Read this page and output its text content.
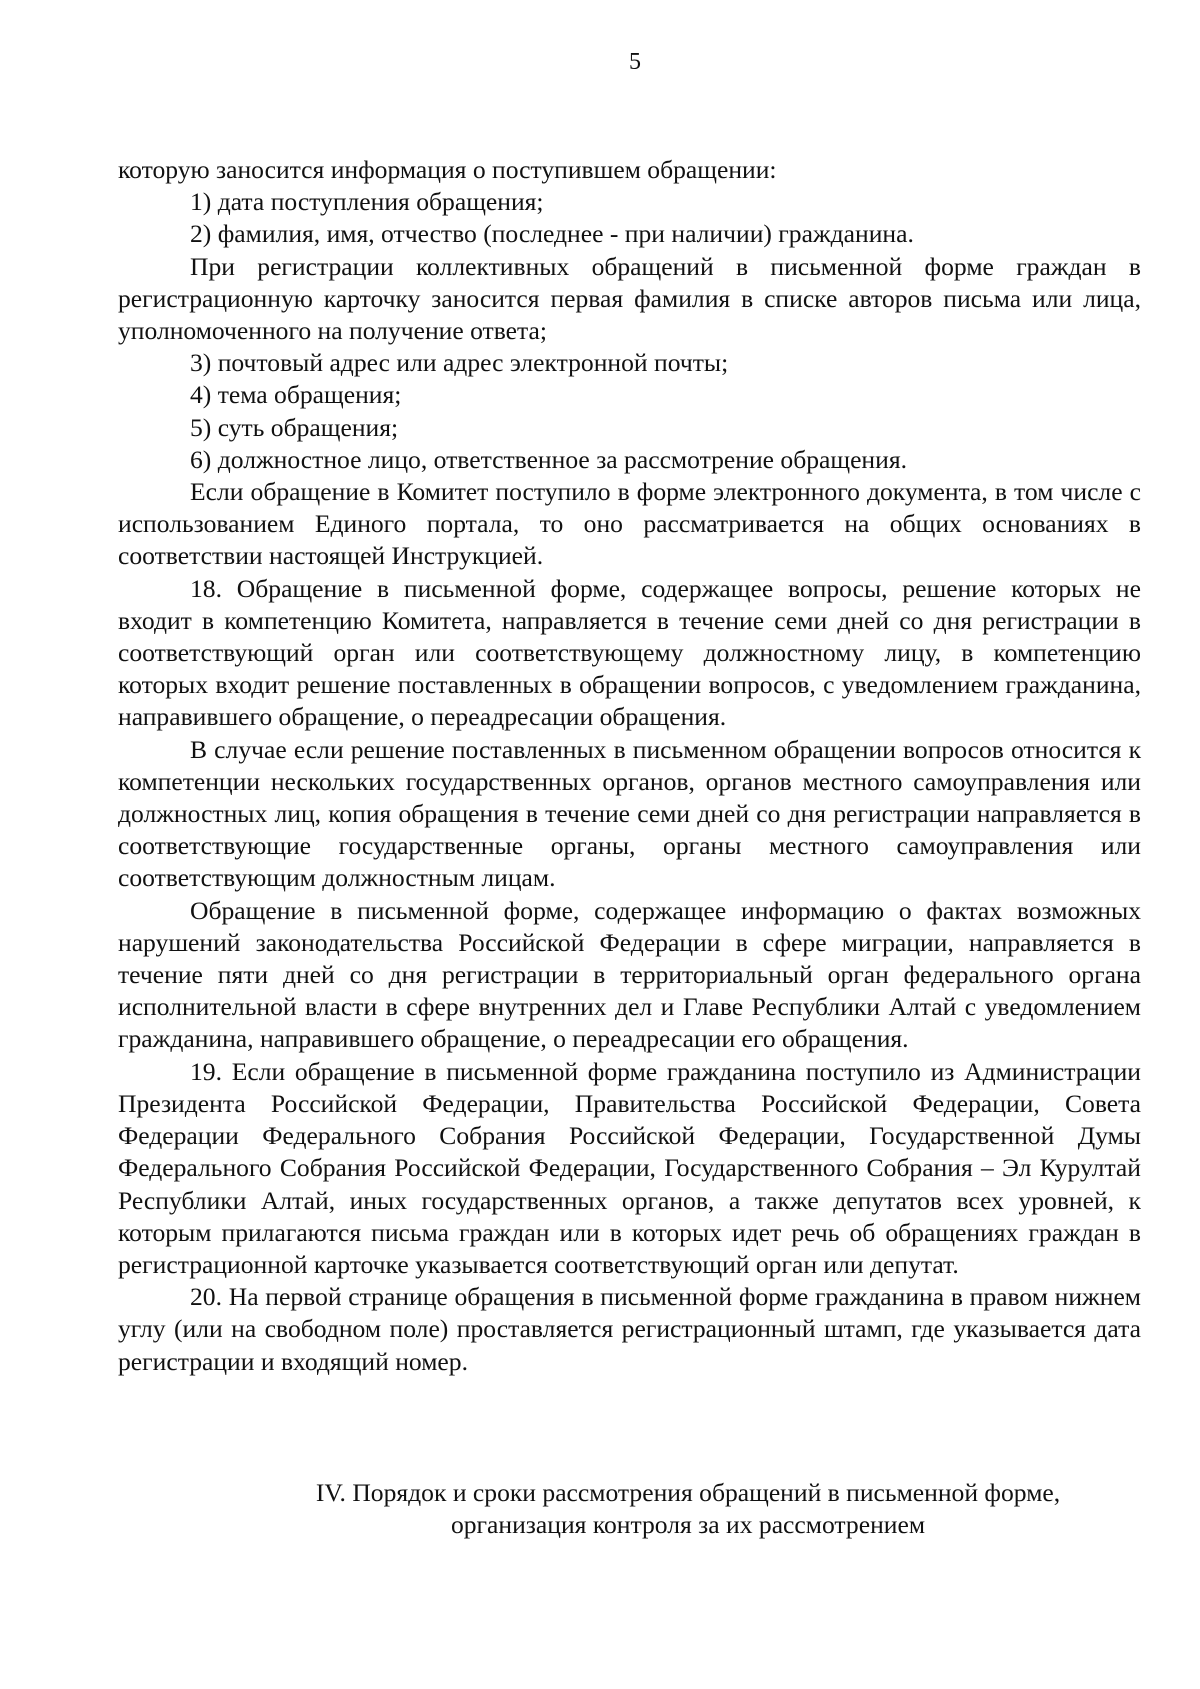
5

которую заносится информация о поступившем обращении:

1) дата поступления обращения;

2) фамилия, имя, отчество (последнее - при наличии) гражданина.

При регистрации коллективных обращений в письменной форме граждан в регистрационную карточку заносится первая фамилия в списке авторов письма или лица, уполномоченного на получение ответа;

3) почтовый адрес или адрес электронной почты;

4) тема обращения;

5) суть обращения;

6) должностное лицо, ответственное за рассмотрение обращения.

Если обращение в Комитет поступило в форме электронного документа, в том числе с использованием Единого портала, то оно рассматривается на общих основаниях в соответствии настоящей Инструкцией.

18. Обращение в письменной форме, содержащее вопросы, решение которых не входит в компетенцию Комитета, направляется в течение семи дней со дня регистрации в соответствующий орган или соответствующему должностному лицу, в компетенцию которых входит решение поставленных в обращении вопросов, с уведомлением гражданина, направившего обращение, о переадресации обращения.

В случае если решение поставленных в письменном обращении вопросов относится к компетенции нескольких государственных органов, органов местного самоуправления или должностных лиц, копия обращения в течение семи дней со дня регистрации направляется в соответствующие государственные органы, органы местного самоуправления или соответствующим должностным лицам.

Обращение в письменной форме, содержащее информацию о фактах возможных нарушений законодательства Российской Федерации в сфере миграции, направляется в течение пяти дней со дня регистрации в территориальный орган федерального органа исполнительной власти в сфере внутренних дел и Главе Республики Алтай с уведомлением гражданина, направившего обращение, о переадресации его обращения.

19. Если обращение в письменной форме гражданина поступило из Администрации Президента Российской Федерации, Правительства Российской Федерации, Совета Федерации Федерального Собрания Российской Федерации, Государственной Думы Федерального Собрания Российской Федерации, Государственного Собрания – Эл Курултай Республики Алтай, иных государственных органов, а также депутатов всех уровней, к которым прилагаются письма граждан или в которых идет речь об обращениях граждан в регистрационной карточке указывается соответствующий орган или депутат.

20. На первой странице обращения в письменной форме гражданина в правом нижнем углу (или на свободном поле) проставляется регистрационный штамп, где указывается дата регистрации и входящий номер.

IV. Порядок и сроки рассмотрения обращений в письменной форме,
организация контроля за их рассмотрением
